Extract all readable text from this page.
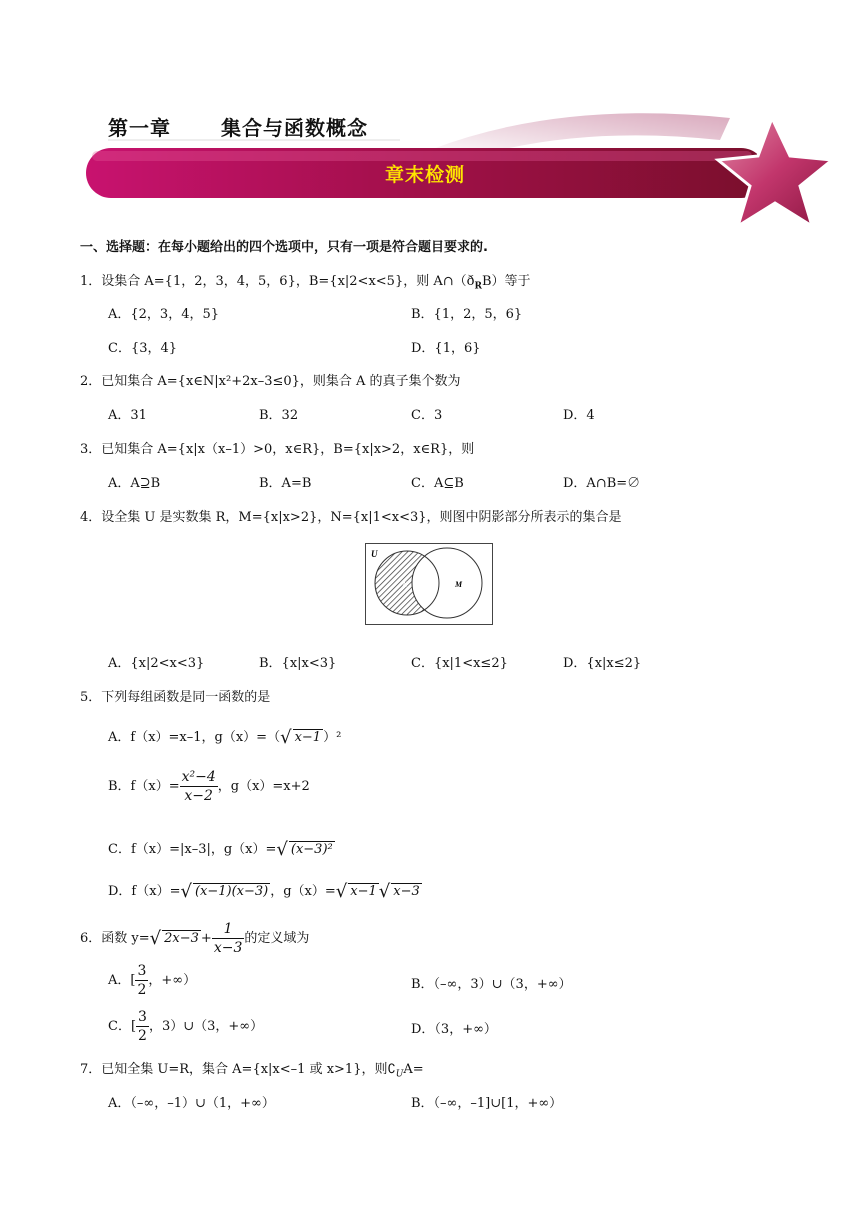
第一章	集合与函数概念
章末检测
一、选择题：在每小题给出的四个选项中，只有一项是符合题目要求的.
1．设集合 A={1，2，3，4，5，6}，B={x|2<x<5}，则 $A\cap(ð_RB)$等于
A．{2，3，4，5}	B．{1，2，5，6}
C．{3，4}	D．{1，6}
2．已知集合 A={x∈N|x²+2x–3≤0}，则集合 A 的真子集个数为
A．31	B．32	C．3	D．4
3．已知集合 A={x|x（x–1）>0，x∈R}，B={x|x>2，x∈R}，则
A．A⊇B	B．A=B	C．A⊆B	D．A∩B=∅
4．设全集 U 是实数集 R，M={x|x>2}，N={x|1<x<3}，则图中阴影部分所表示的集合是
U
N	M
A．{x|2<x<3}	B．{x|x<3}	C．{x|1<x≤2}	D．{x|x≤2}
5．下列每组函数是同一函数的是
A．f（x）=x–1，g（x）=（√ x−1 ）²
B．$f(x)= \frac{\text{x²−4}}{x-2}$ ，g（x）=x+2
C．f（x）=|x–3|，g（x）=√ (x−3)²
D．f（x）=√ (x−1)(x−3) ，g（x）=√ x−1 √ x−3
6．函数 y=√ $2x-3 + \frac{1}{x-3}$ 的定义域为
A．[ $\frac{3}{2}$ ，+∞）	B．（–∞，3）∪（3，+∞）
C．[ $\frac{3}{2}$ ，3）∪（3，+∞）	D．（3，+∞）
7．已知全集 U=R，集合 A={x|x<–1 或 x>1}，则$∁_UA=$
A．（–∞，–1）∪（1，+∞）	B．（–∞，–1]∪[1，+∞）
